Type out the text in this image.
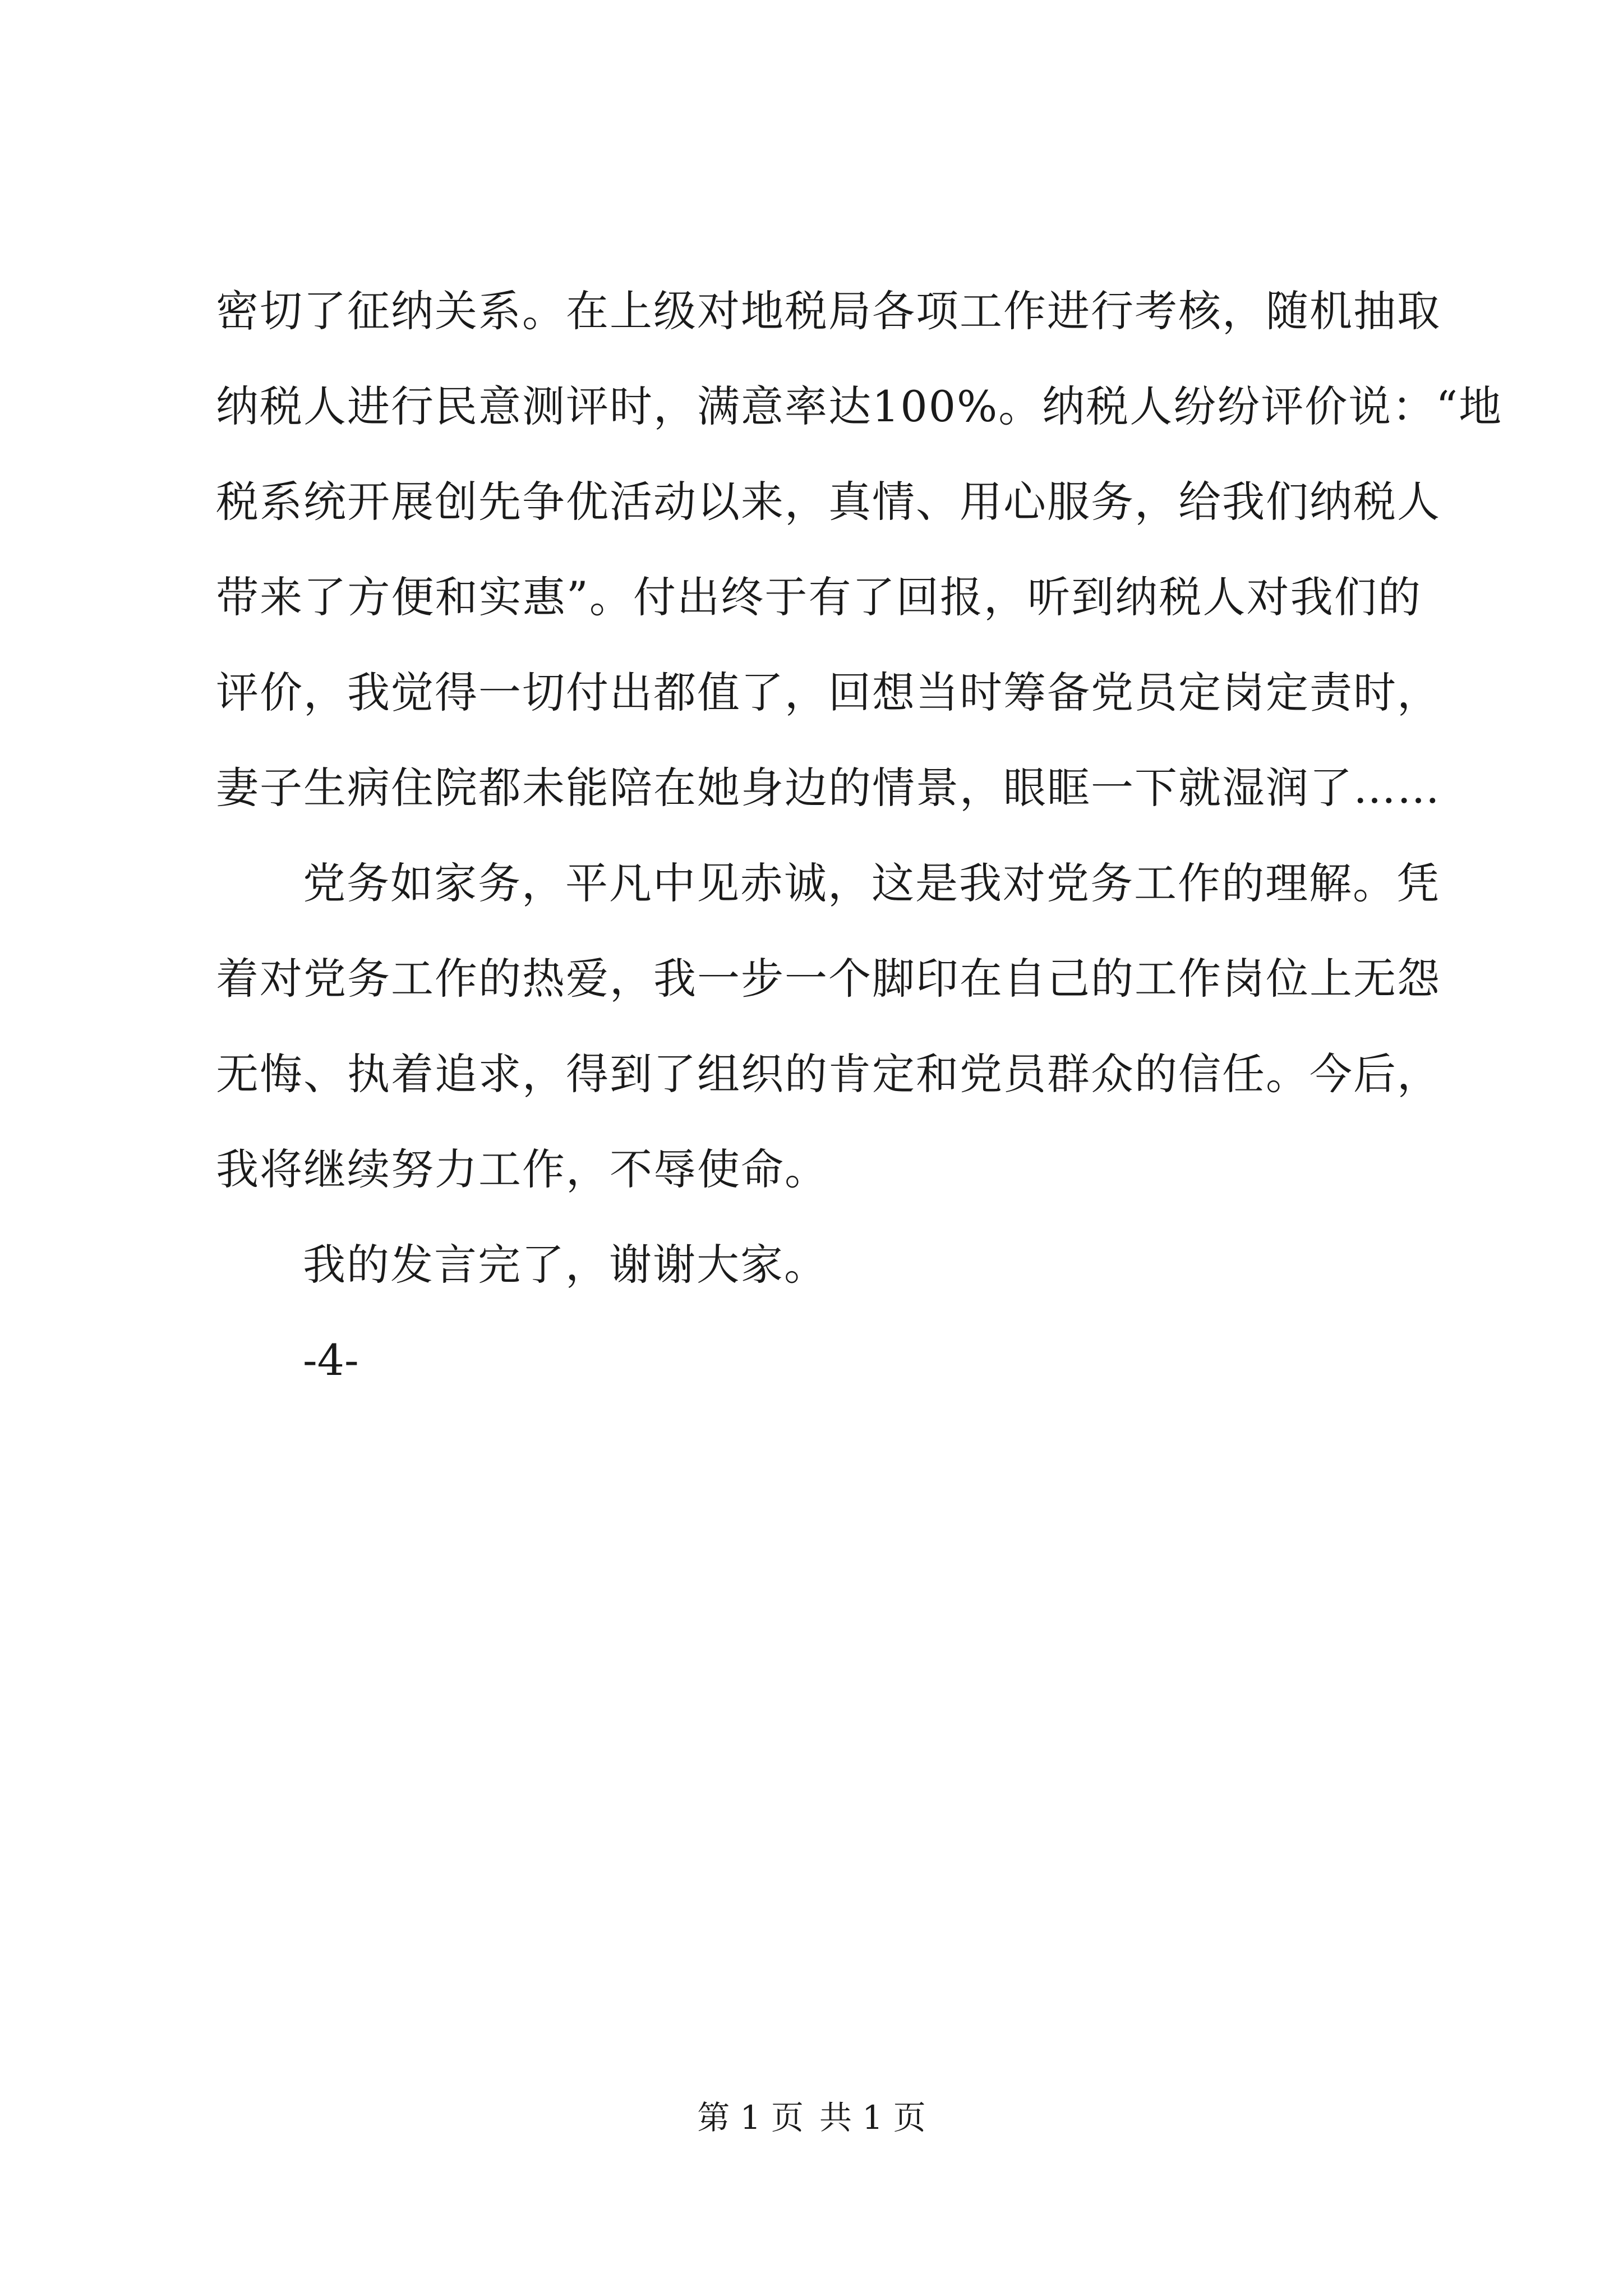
密切了征纳关系。在上级对地税局各项工作进行考核，随机抽取
纳税人进行民意测评时，满意率达100%。纳税人纷纷评价说：“地
税系统开展创先争优活动以来，真情、用心服务，给我们纳税人
带来了方便和实惠”。付出终于有了回报，听到纳税人对我们的
评价，我觉得一切付出都值了，回想当时筹备党员定岗定责时，
妻子生病住院都未能陪在她身边的情景，眼眶一下就湿润了……
党务如家务，平凡中见赤诚，这是我对党务工作的理解。凭
着对党务工作的热爱，我一步一个脚印在自己的工作岗位上无怨
无悔、执着追求，得到了组织的肯定和党员群众的信任。今后，
我将继续努力工作，不辱使命。
我的发言完了，谢谢大家。
-4-
第 1 页 共 1 页
